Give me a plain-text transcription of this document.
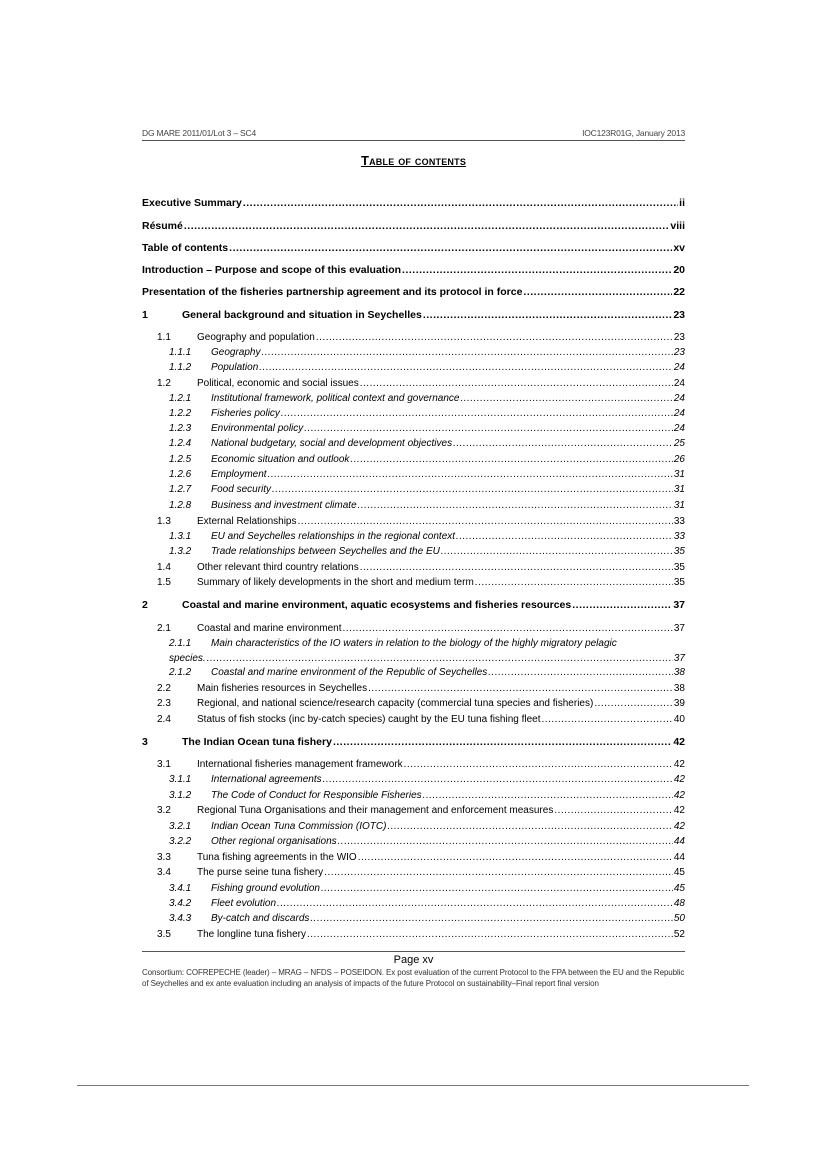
DG MARE 2011/01/Lot 3 – SC4	IOC123R01G, January 2013
Table of contents
Executive Summary .....	ii
Résumé .....	viii
Table of contents .....	xv
Introduction – Purpose and scope of this evaluation .....	20
Presentation of the fisheries partnership agreement and its protocol in force .....	22
1	General background and situation in Seychelles .....	23
1.1	Geography and population .....	23
1.1.1	Geography .....	23
1.1.2	Population .....	24
1.2	Political, economic and social issues .....	24
1.2.1	Institutional framework, political context and governance .....	24
1.2.2	Fisheries policy .....	24
1.2.3	Environmental policy .....	24
1.2.4	National budgetary, social and development objectives .....	25
1.2.5	Economic situation and outlook .....	26
1.2.6	Employment .....	31
1.2.7	Food security .....	31
1.2.8	Business and investment climate .....	31
1.3	External Relationships .....	33
1.3.1	EU and Seychelles relationships in the regional context .....	33
1.3.2	Trade relationships between Seychelles and the EU .....	35
1.4	Other relevant third country relations .....	35
1.5	Summary of likely developments in the short and medium term .....	35
2	Coastal and marine environment, aquatic ecosystems and fisheries resources .....	37
2.1	Coastal and marine environment .....	37
2.1.1 Main characteristics of the IO waters in relation to the biology of the highly migratory pelagic
species. .....	37
2.1.2	Coastal and marine environment of the Republic of Seychelles .....	38
2.2	Main fisheries resources in Seychelles .....	38
2.3	Regional, and national science/research capacity (commercial tuna species and fisheries) .....	39
2.4	Status of fish stocks (inc by-catch species) caught by the EU tuna fishing fleet .....	40
3	The Indian Ocean tuna fishery .....	42
3.1	International fisheries management framework .....	42
3.1.1	International agreements .....	42
3.1.2	The Code of Conduct for Responsible Fisheries .....	42
3.2	Regional Tuna Organisations and their management and enforcement measures .....	42
3.2.1	Indian Ocean Tuna Commission (IOTC) .....	42
3.2.2	Other regional organisations .....	44
3.3	Tuna fishing agreements in the WIO .....	44
3.4	The purse seine tuna fishery .....	45
3.4.1	Fishing ground evolution .....	45
3.4.2	Fleet evolution .....	48
3.4.3	By-catch and discards .....	50
3.5	The longline tuna fishery .....	52
Page xv
Consortium: COFREPECHE (leader) – MRAG – NFDS – POSEIDON. Ex post evaluation of the current Protocol to the FPA between the EU and the Republic of Seychelles and ex ante evaluation including an analysis of impacts of the future Protocol on sustainability–Final report final version
